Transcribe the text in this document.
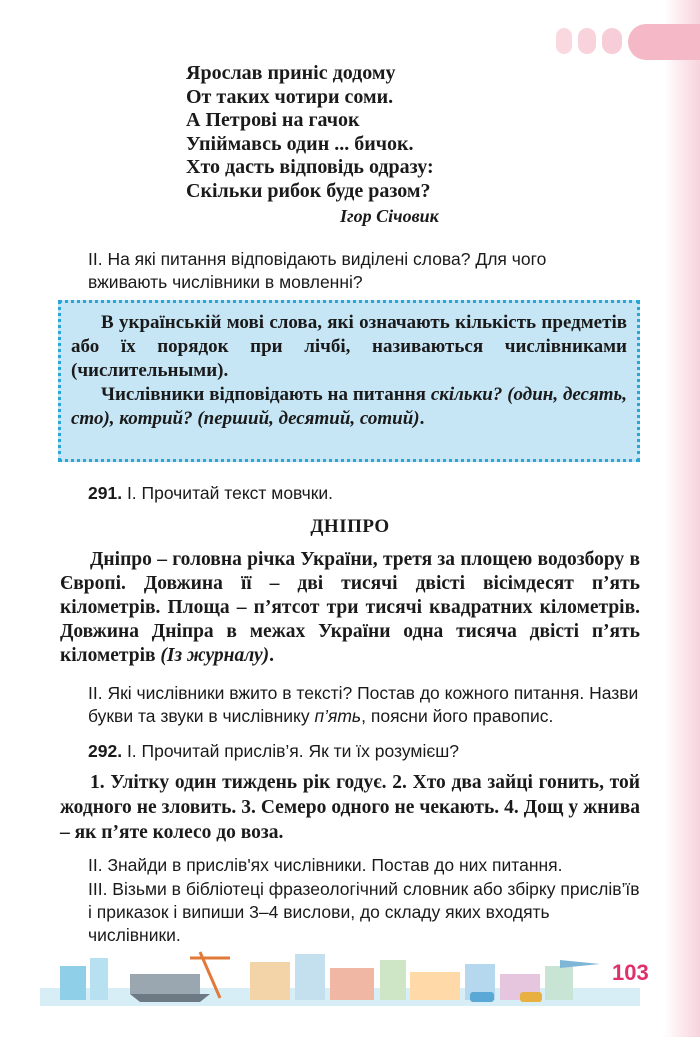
Ярослав приніс додому
От таких чотири соми.
А Петрові на гачок
Упіймавсь один ... бичок.
Хто дасть відповідь одразу:
Скільки рибок буде разом?
Ігор Січовик
ІІ. На які питання відповідають виділені слова? Для чого
вживають числівники в мовленні?

В українській мові слова, які означають кількість предметів або їх порядок при лічбі, називаються числівниками (числительными).

Числівники відповідають на питання скільки? (один, десять, сто), котрий? (перший, десятий, сотий).

291. І. Прочитай текст мовчки.
ДНІПРО

Дніпро – головна річка України, третя за площею водозбору в Європі. Довжина її – дві тисячі двісті вісімдесят п’ять кілометрів. Площа – п’ятсот три тисячі квадратних кілометрів. Довжина Дніпра в межах України одна тисяча двісті п’ять кілометрів (Із журналу).

ІІ. Які числівники вжито в тексті? Постав до кожного питання. Назви букви та звуки в числівнику п’ять, поясни його правопис.
292. І. Прочитай прислів’я. Як ти їх розумієш?

1. Улітку один тиждень рік годує. 2. Хто два зайці гонить, той жодного не зловить. 3. Семеро одного не чекають. 4. Дощ у жнива – як п’яте колесо до воза.

ІІ. Знайди в прислів'ях числівники. Постав до них питання.
ІІІ. Візьми в бібліотеці фразеологічний словник або збірку прислів’їв і приказок і випиши 3–4 вислови, до складу яких входять числівники.
103
